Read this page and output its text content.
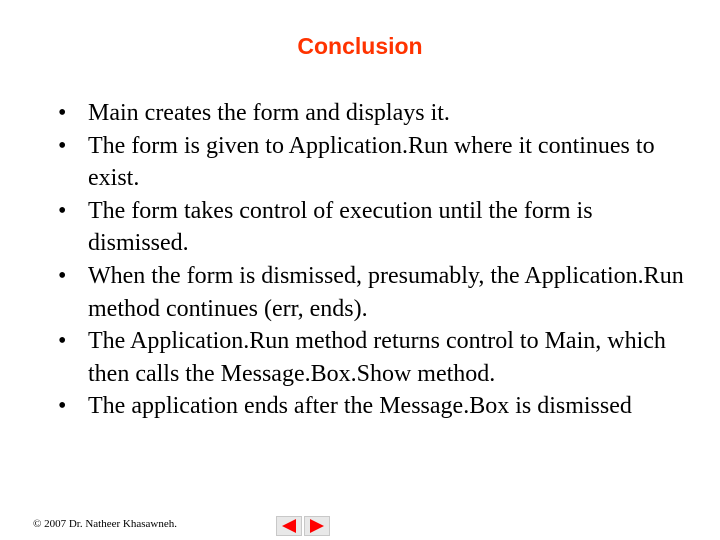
Conclusion
• Main creates the form and displays it.
• The form is given to Application.Run where it continues to exist.
• The form takes control of execution until the form is dismissed.
• When the form is dismissed, presumably, the Application.Run method continues (err, ends).
• The Application.Run method returns control to Main, which then calls the Message.Box.Show method.
• The application ends after the Message.Box is dismissed
© 2007 Dr. Natheer Khasawneh.
